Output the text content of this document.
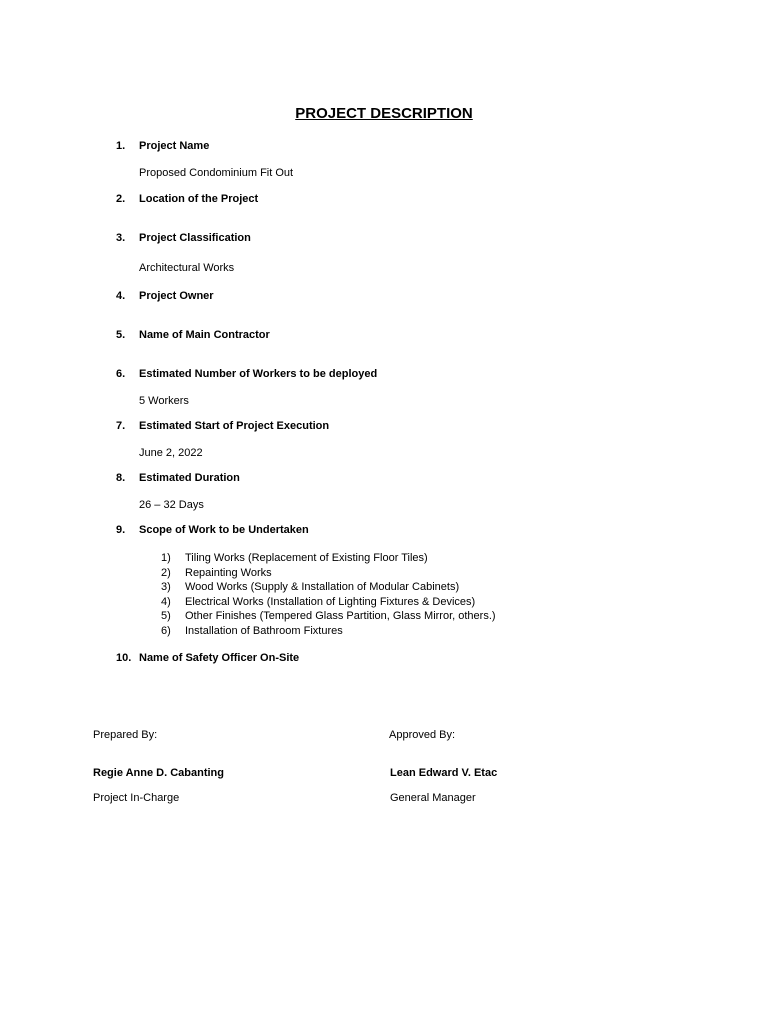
PROJECT DESCRIPTION
1.	Project Name
Proposed Condominium Fit Out
2.	Location of the Project
3.	Project Classification
Architectural Works
4.	Project Owner
5.	Name of Main Contractor
6.	Estimated Number of Workers to be deployed
5 Workers
7.	Estimated Start of Project Execution
June 2, 2022
8.	Estimated Duration
26 – 32 Days
9.	Scope of Work to be Undertaken
1)	Tiling Works (Replacement of Existing Floor Tiles)
2)	Repainting Works
3)	Wood Works (Supply & Installation of Modular Cabinets)
4)	Electrical Works (Installation of Lighting Fixtures & Devices)
5)	Other Finishes (Tempered Glass Partition, Glass Mirror, others.)
6)	Installation of Bathroom Fixtures
10. Name of Safety Officer On-Site
Prepared By:
Regie Anne D. Cabanting
Project In-Charge
Approved By:
Lean Edward V. Etac
General Manager
